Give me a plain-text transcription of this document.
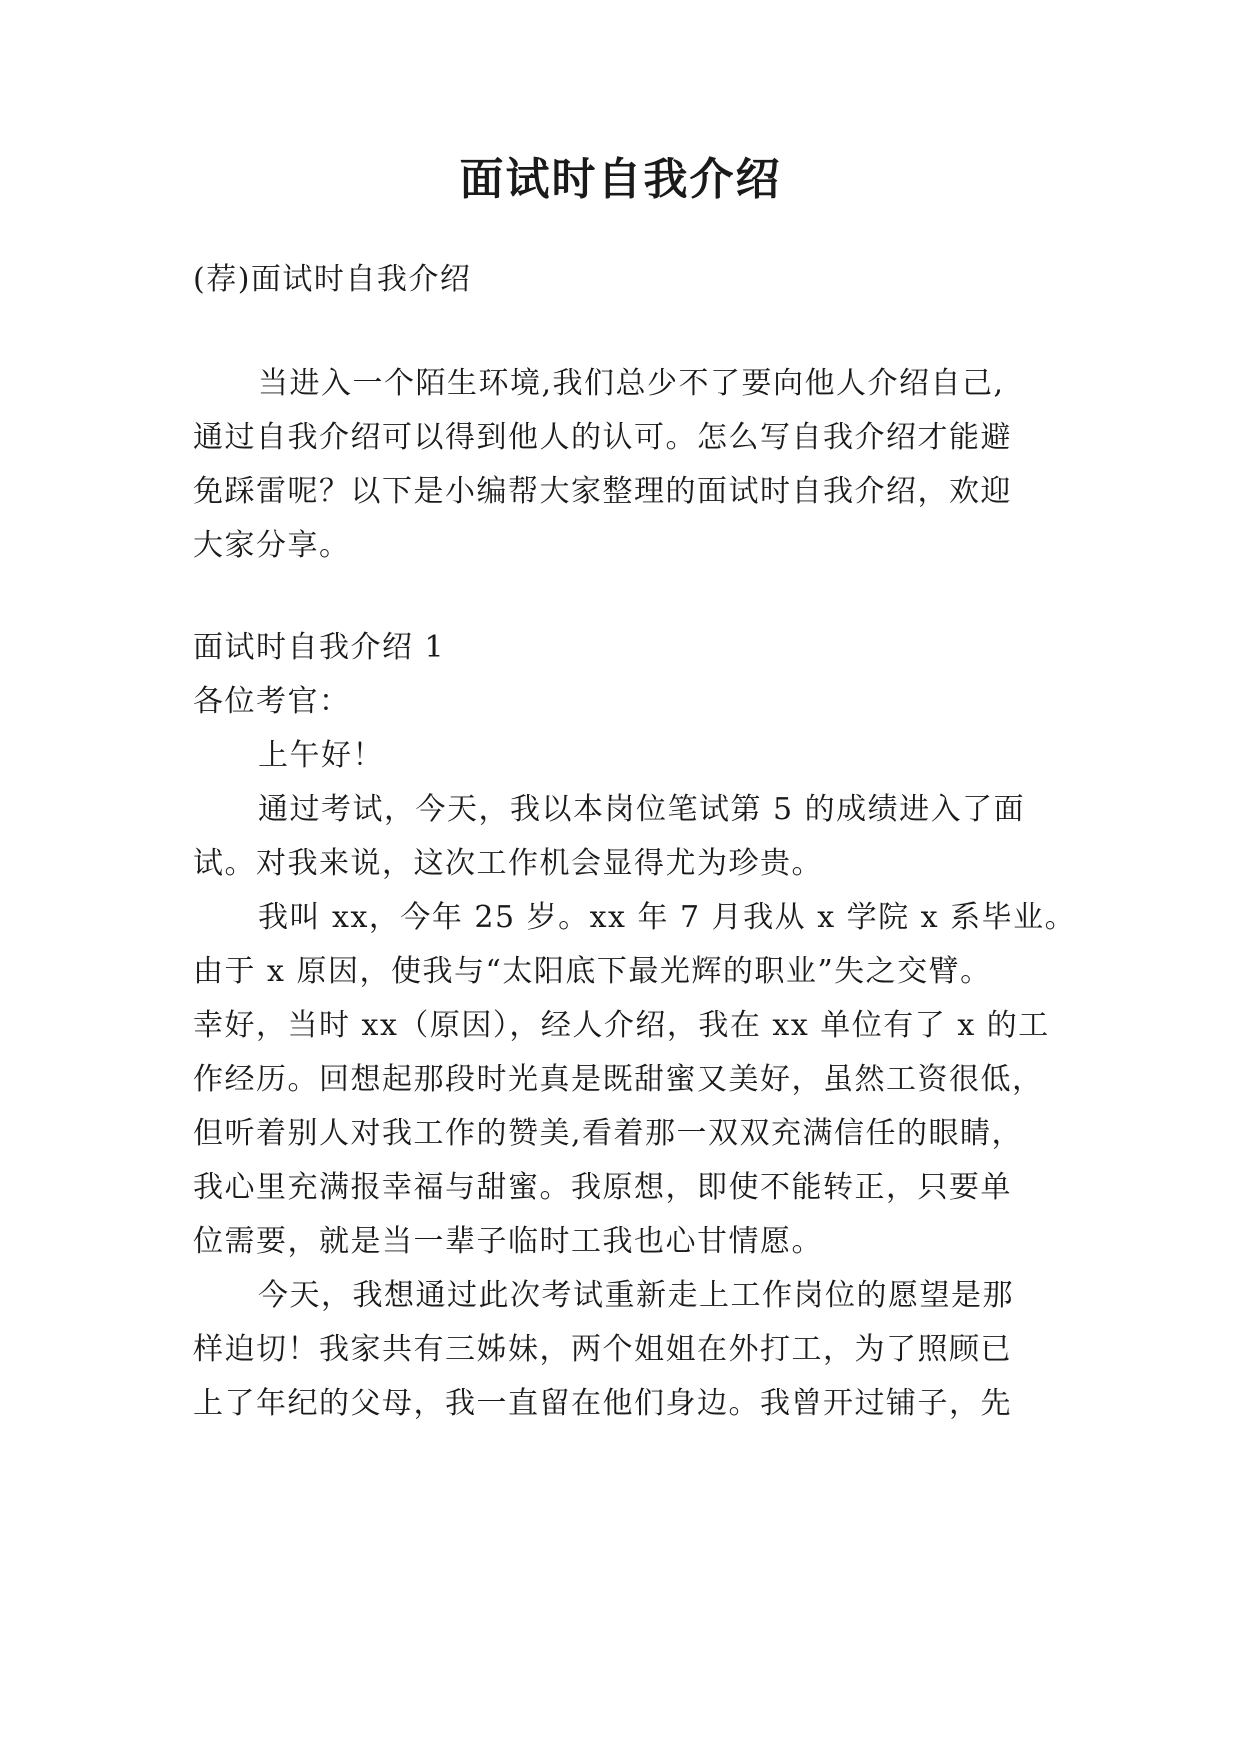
面试时自我介绍
(荐)面试时自我介绍
当进入一个陌生环境,我们总少不了要向他人介绍自己,
通过自我介绍可以得到他人的认可。怎么写自我介绍才能避
免踩雷呢？以下是小编帮大家整理的面试时自我介绍，欢迎
大家分享。
面试时自我介绍 1
各位考官：
上午好！
通过考试，今天，我以本岗位笔试第 5 的成绩进入了面
试。对我来说，这次工作机会显得尤为珍贵。
我叫 xx，今年 25 岁。xx 年 7 月我从 x 学院 x 系毕业。
由于 x 原因，使我与“太阳底下最光辉的职业”失之交臂。
幸好，当时 xx（原因），经人介绍，我在 xx 单位有了 x 的工
作经历。回想起那段时光真是既甜蜜又美好，虽然工资很低，
但听着别人对我工作的赞美,看着那一双双充满信任的眼睛，
我心里充满报幸福与甜蜜。我原想，即使不能转正，只要单
位需要，就是当一辈子临时工我也心甘情愿。
今天，我想通过此次考试重新走上工作岗位的愿望是那
样迫切！我家共有三姊妹，两个姐姐在外打工，为了照顾已
上了年纪的父母，我一直留在他们身边。我曾开过铺子，先
